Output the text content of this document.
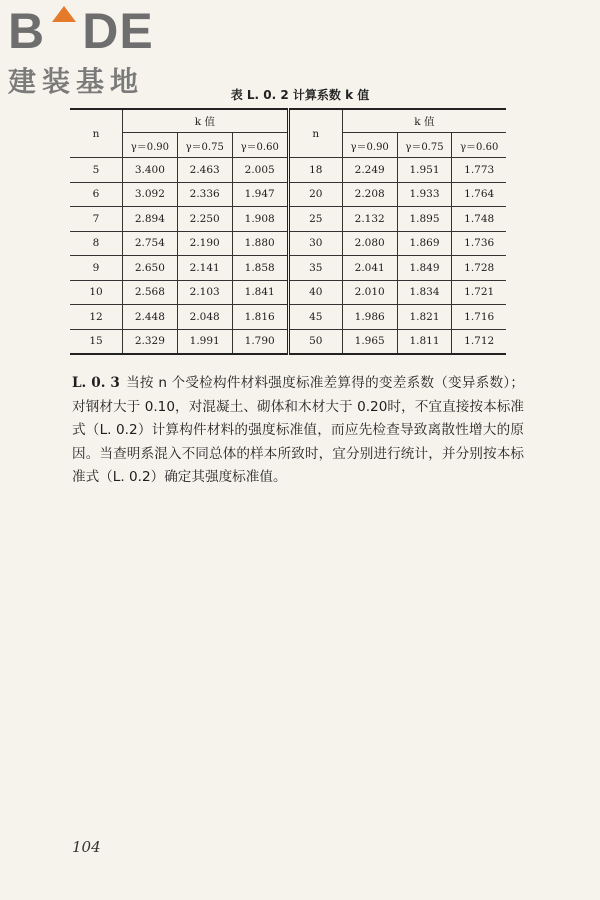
B DE
建装基地	表 L. 0. 2 计算系数 k 值
n	k 值			n	k 值		
	γ＝0.90	γ＝0.75	γ＝0.60		γ＝0.90	γ＝0.75	γ＝0.60
5	3.400	2.463	2.005	18	2.249	1.951	1.773
6	3.092	2.336	1.947	20	2.208	1.933	1.764
7	2.894	2.250	1.908	25	2.132	1.895	1.748
8	2.754	2.190	1.880	30	2.080	1.869	1.736
9	2.650	2.141	1.858	35	2.041	1.849	1.728
10	2.568	2.103	1.841	40	2.010	1.834	1.721
12	2.448	2.048	1.816	45	1.986	1.821	1.716
15	2.329	1.991	1.790	50	1.965	1.811	1.712
L. 0. 3 当按 n 个受检构件材料强度标准差算得的变差系数（变异系数）；对钢材大于 0.10，对混凝土、砌体和木材大于 0.20时，不宜直接按本标准式（L. 0.2）计算构件材料的强度标准值，而应先检查导致离散性增大的原因。当查明系混入不同总体的样本所致时，宜分别进行统计，并分别按本标准式（L. 0.2）确定其强度标准值。
104
